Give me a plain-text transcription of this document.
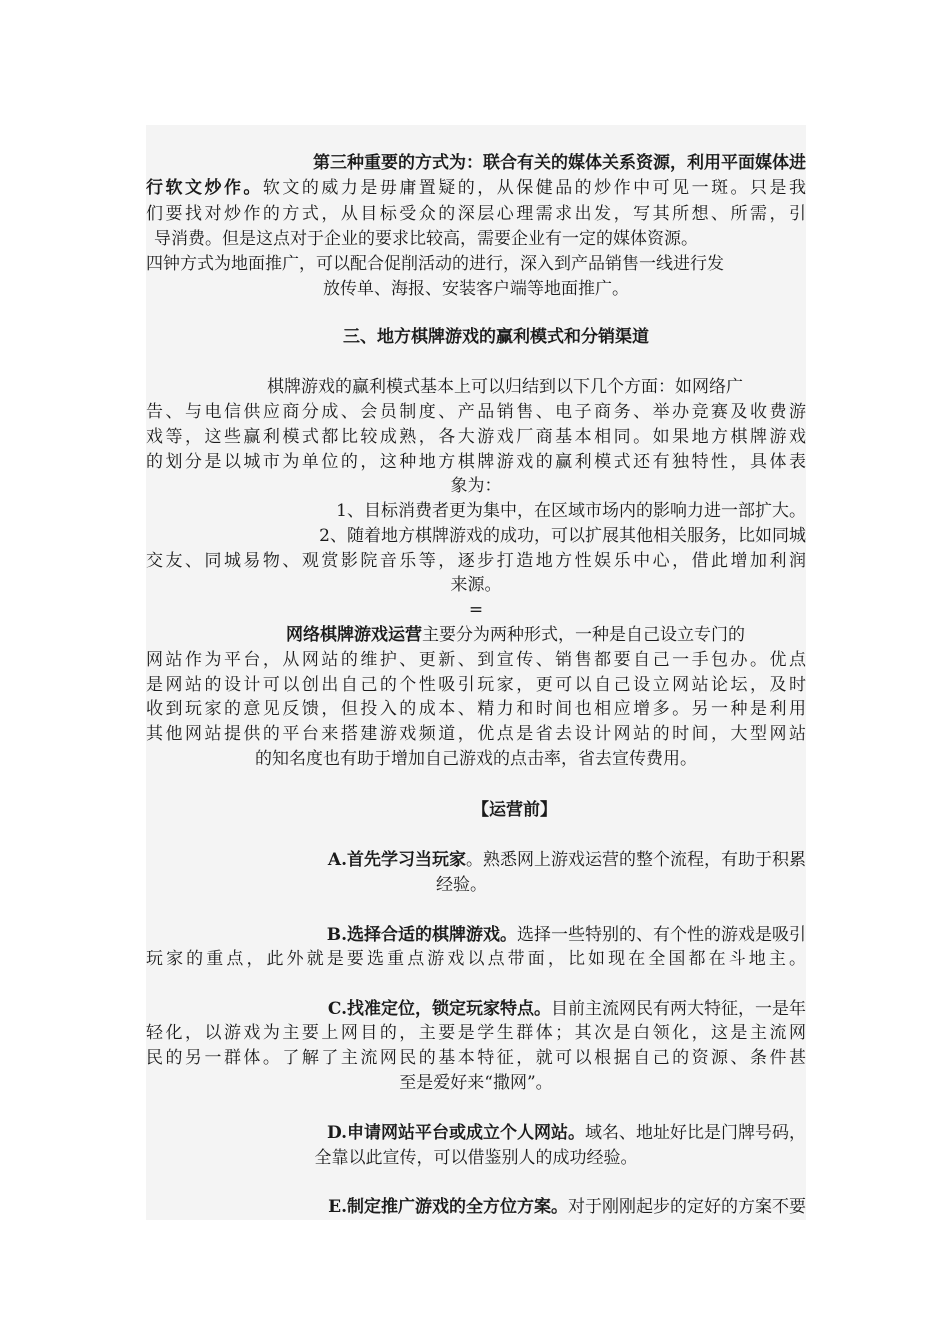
第三种重要的方式为：联合有关的媒体关系资源，利用平面媒体进
行软文炒作。软文的威力是毋庸置疑的，从保健品的炒作中可见一斑。只是我
们要找对炒作的方式，从目标受众的深层心理需求出发，写其所想、所需，引
导消费。但是这点对于企业的要求比较高，需要企业有一定的媒体资源。
四钟方式为地面推广，可以配合促削活动的进行，深入到产品销售一线进行发
放传单、海报、安装客户端等地面推广。
三、地方棋牌游戏的赢利模式和分销渠道
棋牌游戏的赢利模式基本上可以归结到以下几个方面：如网络广
告、与电信供应商分成、会员制度、产品销售、电子商务、举办竞赛及收费游
戏等，这些赢利模式都比较成熟，各大游戏厂商基本相同。如果地方棋牌游戏
的划分是以城市为单位的，这种地方棋牌游戏的赢利模式还有独特性，具体表
象为：
1、目标消费者更为集中，在区域市场内的影响力进一部扩大。
2、随着地方棋牌游戏的成功，可以扩展其他相关服务，比如同城
交友、同城易物、观赏影院音乐等，逐步打造地方性娱乐中心，借此增加利润
来源。
=
网络棋牌游戏运营主要分为两种形式，一种是自己设立专门的
网站作为平台，从网站的维护、更新、到宣传、销售都要自己一手包办。优点
是网站的设计可以创出自己的个性吸引玩家，更可以自己设立网站论坛，及时
收到玩家的意见反馈，但投入的成本、精力和时间也相应增多。另一种是利用
其他网站提供的平台来搭建游戏频道，优点是省去设计网站的时间，大型网站
的知名度也有助于增加自己游戏的点击率，省去宣传费用。
【运营前】
A.首先学习当玩家。熟悉网上游戏运营的整个流程，有助于积累
经验。
B.选择合适的棋牌游戏。选择一些特别的、有个性的游戏是吸引
玩家的重点，此外就是要选重点游戏以点带面，比如现在全国都在斗地主。
C.找准定位，锁定玩家特点。目前主流网民有两大特征，一是年
轻化，以游戏为主要上网目的，主要是学生群体；其次是白领化，这是主流网
民的另一群体。了解了主流网民的基本特征，就可以根据自己的资源、条件甚
至是爱好来“撒网”。
D.申请网站平台或成立个人网站。域名、地址好比是门牌号码，
全靠以此宣传，可以借鉴别人的成功经验。
E.制定推广游戏的全方位方案。对于刚刚起步的定好的方案不要
